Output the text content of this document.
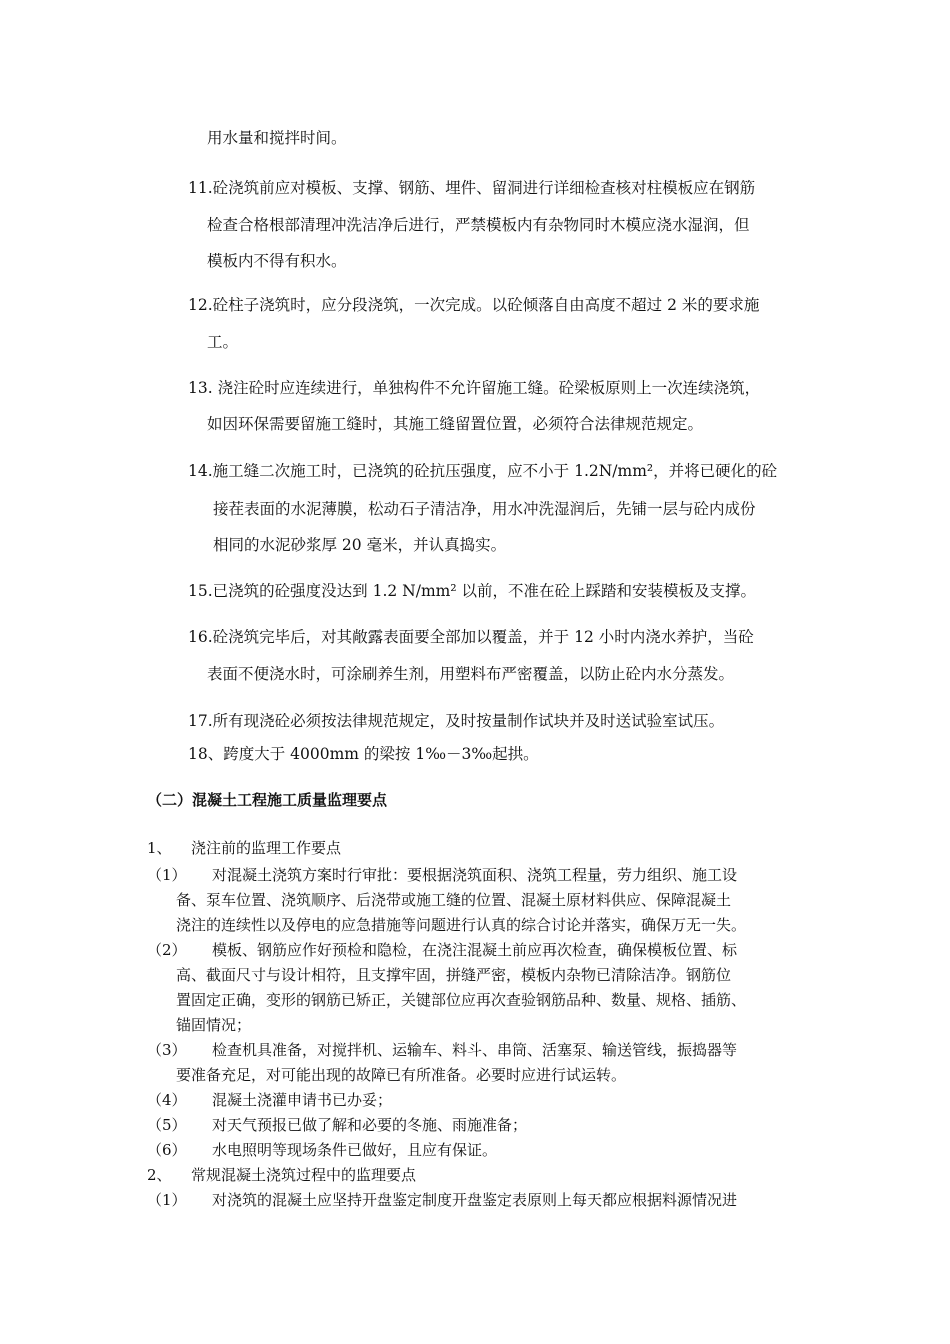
用水量和搅拌时间。

11.砼浇筑前应对模板、支撑、钢筋、埋件、留洞进行详细检查核对柱模板应在钢筋

检查合格根部清理冲洗洁净后进行，严禁模板内有杂物同时木模应浇水湿润，但

模板内不得有积水。

12.砼柱子浇筑时，应分段浇筑，一次完成。以砼倾落自由高度不超过 2 米的要求施

工。

13. 浇注砼时应连续进行，单独构件不允许留施工缝。砼梁板原则上一次连续浇筑，

如因环保需要留施工缝时，其施工缝留置位置，必须符合法律规范规定。

14.施工缝二次施工时，已浇筑的砼抗压强度，应不小于 1.2N/mm²，并将已硬化的砼

接茬表面的水泥薄膜，松动石子清洁净，用水冲洗湿润后，先铺一层与砼内成份

相同的水泥砂浆厚 20 毫米，并认真捣实。

15.已浇筑的砼强度没达到 1.2 N/mm² 以前，不准在砼上踩踏和安装模板及支撑。

16.砼浇筑完毕后，对其敞露表面要全部加以覆盖，并于 12 小时内浇水养护，当砼

表面不便浇水时，可涂刷养生剂，用塑料布严密覆盖，以防止砼内水分蒸发。

17.所有现浇砼必须按法律规范规定，及时按量制作试块并及时送试验室试压。

18、跨度大于 4000mm 的梁按 1‰－3‰起拱。

（二）混凝土工程施工质量监理要点

1、 浇注前的监理工作要点

（1） 对混凝土浇筑方案时行审批：要根据浇筑面积、浇筑工程量，劳力组织、施工设

备、泵车位置、浇筑顺序、后浇带或施工缝的位置、混凝土原材料供应、保障混凝土

浇注的连续性以及停电的应急措施等问题进行认真的综合讨论并落实，确保万无一失。

（2） 模板、钢筋应作好预检和隐检，在浇注混凝土前应再次检查，确保模板位置、标

高、截面尺寸与设计相符，且支撑牢固，拼缝严密，模板内杂物已清除洁净。钢筋位

置固定正确，变形的钢筋已矫正，关键部位应再次查验钢筋品种、数量、规格、插筋、

锚固情况；

（3） 检查机具准备，对搅拌机、运输车、料斗、串筒、活塞泵、输送管线，振捣器等

要准备充足，对可能出现的故障已有所准备。必要时应进行试运转。

（4） 混凝土浇灌申请书已办妥；

（5） 对天气预报已做了解和必要的冬施、雨施准备；

（6） 水电照明等现场条件已做好，且应有保证。

2、 常规混凝土浇筑过程中的监理要点

（1） 对浇筑的混凝土应坚持开盘鉴定制度开盘鉴定表原则上每天都应根据料源情况进
